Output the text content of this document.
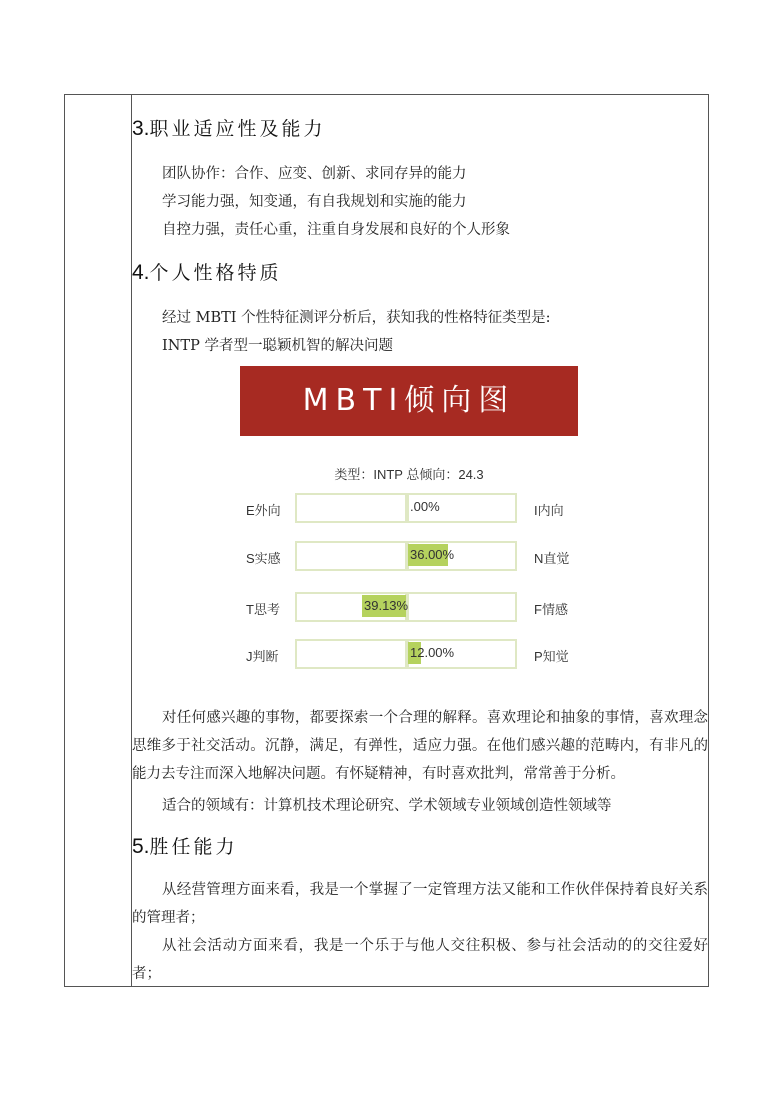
3.职业适应性及能力
团队协作：合作、应变、创新、求同存异的能力
学习能力强，知变通，有自我规划和实施的能力
自控力强，责任心重，注重自身发展和良好的个人形象
4.个人性格特质
经过 MBTI 个性特征测评分析后，获知我的性格特征类型是:
INTP 学者型一聪颖机智的解决问题
MBTI倾向图
类型：INTP 总倾向：24.3
E外向	.00%	I内向
S实感	36.00%	N直觉
T思考	39.13%	F情感
J判断	12.00%	P知觉

对任何感兴趣的事物，都要探索一个合理的解释。喜欢理论和抽象的事情，喜欢理念思维多于社交活动。沉静，满足，有弹性，适应力强。在他们感兴趣的范畴内，有非凡的能力去专注而深入地解决问题。有怀疑精神，有时喜欢批判，常常善于分析。

适合的领域有：计算机技术理论研究、学术领域专业领域创造性领域等
5.胜任能力

从经营管理方面来看，我是一个掌握了一定管理方法又能和工作伙伴保持着良好关系的管理者；

从社会活动方面来看，我是一个乐于与他人交往积极、参与社会活动的的交往爱好者；
